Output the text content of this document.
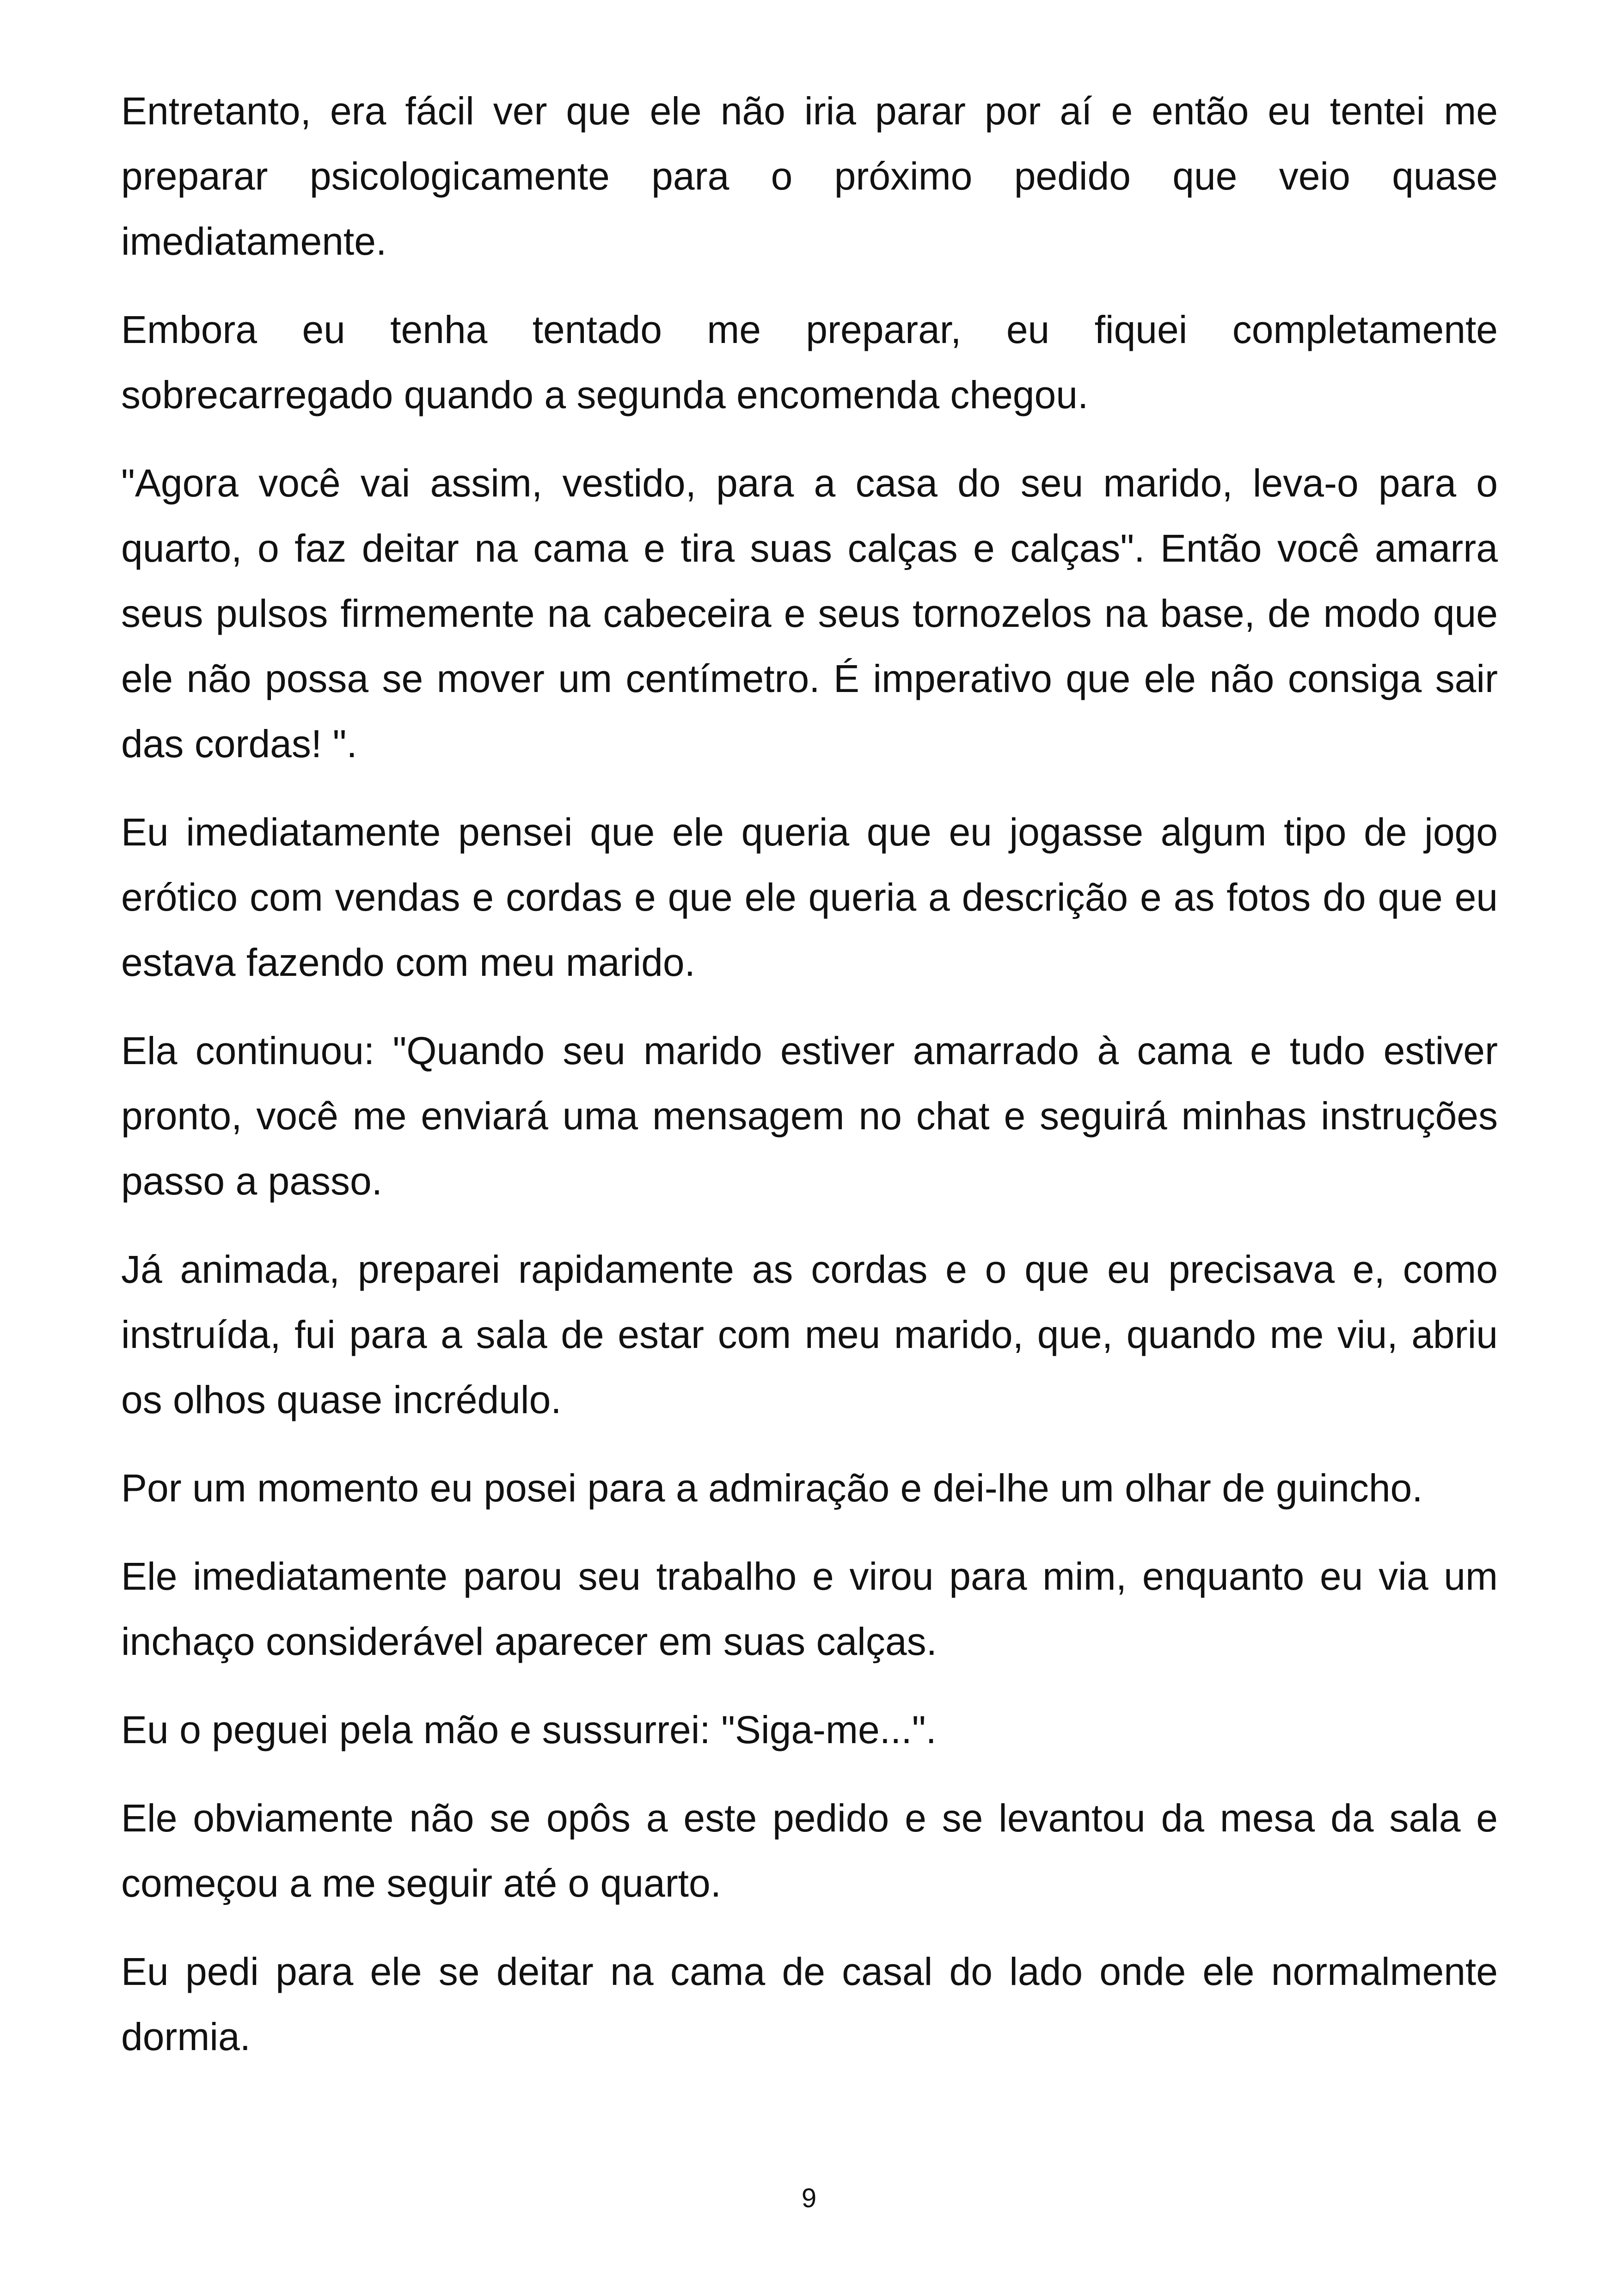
Entretanto, era fácil ver que ele não iria parar por aí e então eu tentei me preparar psicologicamente para o próximo pedido que veio quase imediatamente.

Embora eu tenha tentado me preparar, eu fiquei completamente sobrecarregado quando a segunda encomenda chegou.

"Agora você vai assim, vestido, para a casa do seu marido, leva-o para o quarto, o faz deitar na cama e tira suas calças e calças". Então você amarra seus pulsos firmemente na cabeceira e seus tornozelos na base, de modo que ele não possa se mover um centímetro. É imperativo que ele não consiga sair das cordas! ".

Eu imediatamente pensei que ele queria que eu jogasse algum tipo de jogo erótico com vendas e cordas e que ele queria a descrição e as fotos do que eu estava fazendo com meu marido.

Ela continuou: "Quando seu marido estiver amarrado à cama e tudo estiver pronto, você me enviará uma mensagem no chat e seguirá minhas instruções passo a passo.

Já animada, preparei rapidamente as cordas e o que eu precisava e, como instruída, fui para a sala de estar com meu marido, que, quando me viu, abriu os olhos quase incrédulo.

Por um momento eu posei para a admiração e dei-lhe um olhar de guincho.

Ele imediatamente parou seu trabalho e virou para mim, enquanto eu via um inchaço considerável aparecer em suas calças.

Eu o peguei pela mão e sussurrei: "Siga-me...".

Ele obviamente não se opôs a este pedido e se levantou da mesa da sala e começou a me seguir até o quarto.

Eu pedi para ele se deitar na cama de casal do lado onde ele normalmente dormia.

9
